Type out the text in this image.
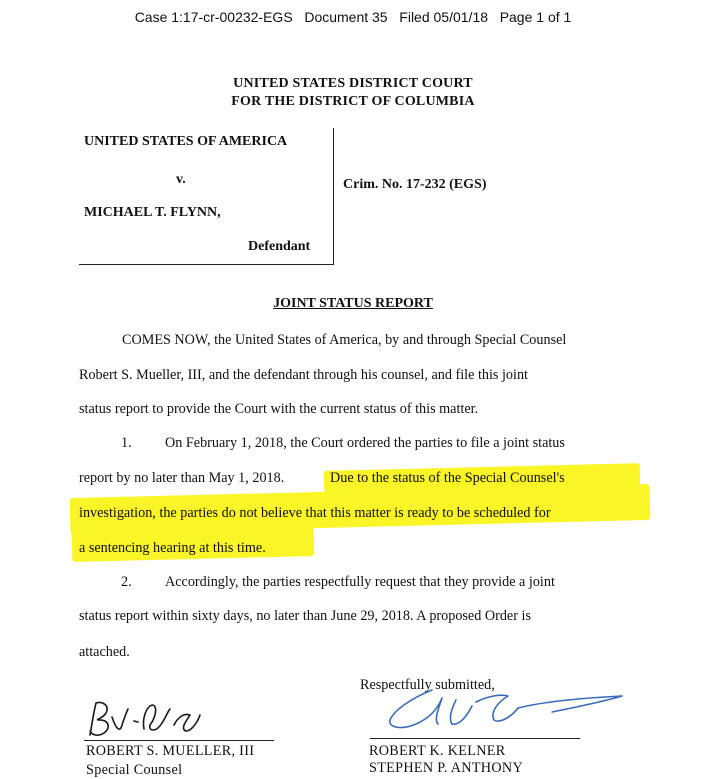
Case 1:17-cr-00232-EGS Document 35 Filed 05/01/18 Page 1 of 1
UNITED STATES DISTRICT COURT
FOR THE DISTRICT OF COLUMBIA
UNITED STATES OF AMERICA
v.
MICHAEL T. FLYNN,
Defendant
Crim. No. 17-232 (EGS)
JOINT STATUS REPORT
COMES NOW, the United States of America, by and through Special Counsel
Robert S. Mueller, III, and the defendant through his counsel, and file this joint
status report to provide the Court with the current status of this matter.
1. On February 1, 2018, the Court ordered the parties to file a joint status
report by no later than May 1, 2018.	Due to the status of the Special Counsel's
investigation, the parties do not believe that this matter is ready to be scheduled for
a sentencing hearing at this time.
2. Accordingly, the parties respectfully request that they provide a joint
status report within sixty days, no later than June 29, 2018. A proposed Order is
attached.
Respectfully submitted,
ROBERT S. MUELLER, III
Special Counsel
ROBERT K. KELNER
STEPHEN P. ANTHONY
